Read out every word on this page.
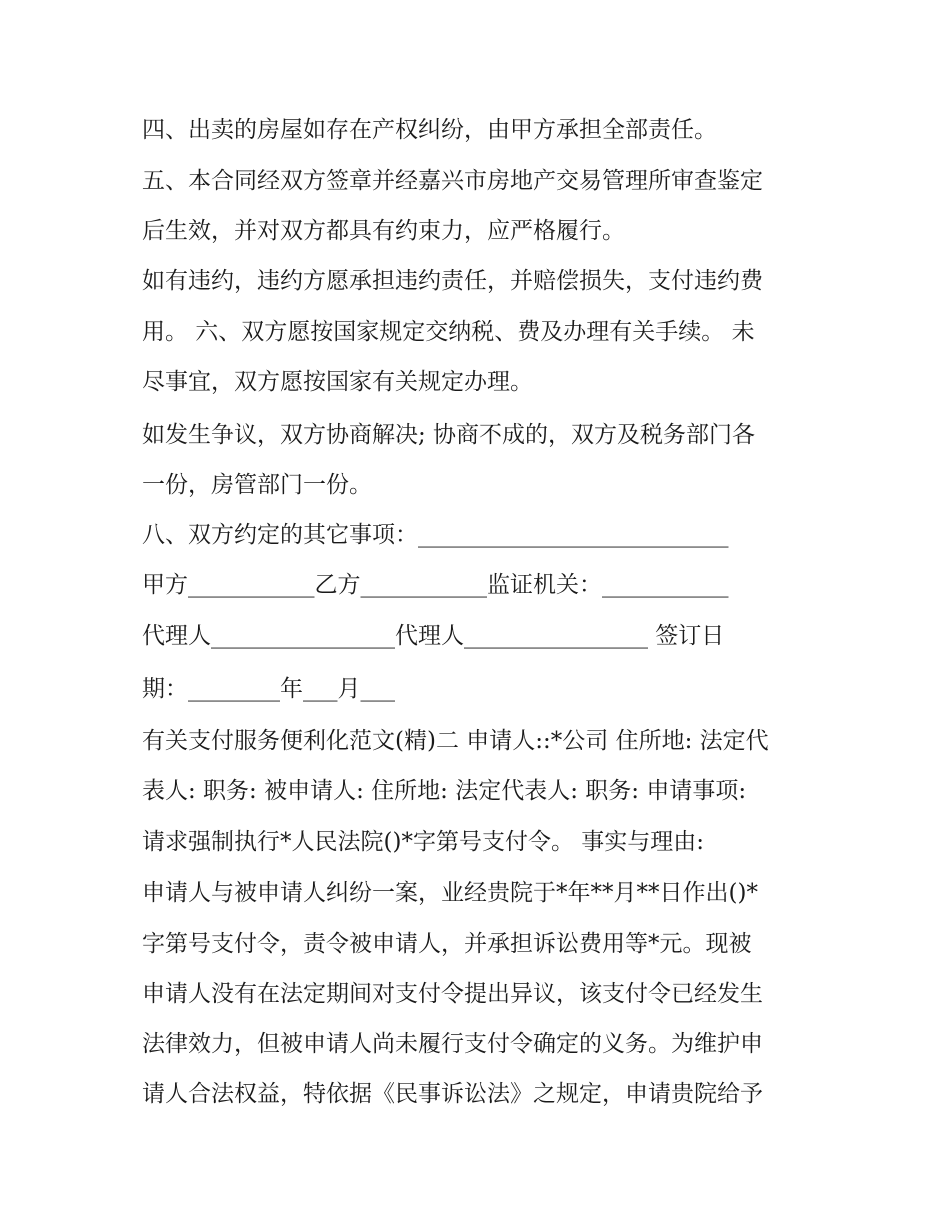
四、出卖的房屋如存在产权纠纷，由甲方承担全部责任。

五、本合同经双方签章并经嘉兴市房地产交易管理所审查鉴定

后生效，并对双方都具有约束力，应严格履行。

如有违约，违约方愿承担违约责任，并赔偿损失，支付违约费

用。 六、双方愿按国家规定交纳税、费及办理有关手续。 未

尽事宜，双方愿按国家有关规定办理。

如发生争议，双方协商解决; 协商不成的，双方及税务部门各

一份，房管部门一份。

八、双方约定的其它事项：___________________________

甲方___________乙方___________监证机关：___________

代理人________________代理人________________ 签订日

期：________年___月___

有关支付服务便利化范文(精)二 申请人::*公司 住所地: 法定代

表人: 职务: 被申请人: 住所地: 法定代表人: 职务: 申请事项:

请求强制执行*人民法院()*字第号支付令。 事实与理由:

申请人与被申请人纠纷一案，业经贵院于*年**月**日作出()*

字第号支付令，责令被申请人，并承担诉讼费用等*元。现被

申请人没有在法定期间对支付令提出异议，该支付令已经发生

法律效力，但被申请人尚未履行支付令确定的义务。为维护申

请人合法权益，特依据《民事诉讼法》之规定，申请贵院给予
